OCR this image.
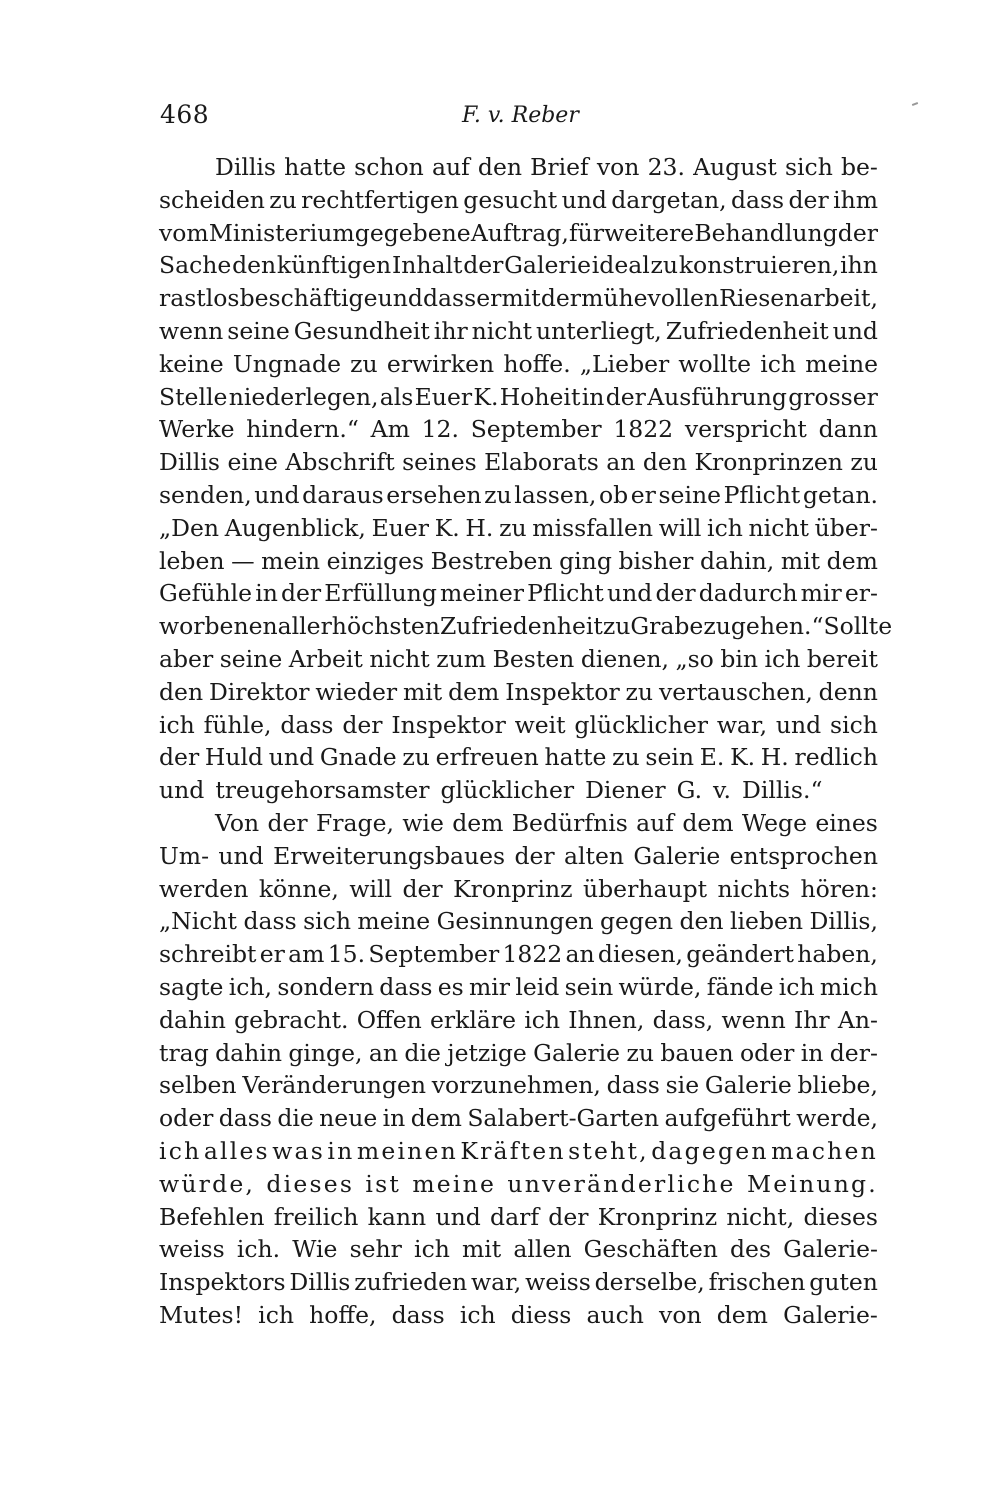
468	F. v. Reber
Dillis hatte schon auf den Brief von 23. August sich be-
scheiden zu rechtfertigen gesucht und dargetan, dass der ihm
vom Ministerium gegebene Auftrag, für weitere Behandlung der
Sache den künftigen Inhalt der Galerie ideal zu konstruieren, ihn
rastlos beschäftige und dass er mit der mühevollen Riesenarbeit,
wenn seine Gesundheit ihr nicht unterliegt, Zufriedenheit und
keine Ungnade zu erwirken hoffe. „Lieber wollte ich meine
Stelle niederlegen, als Euer K. Hoheit in der Ausführung grosser
Werke hindern.“ Am 12. September 1822 verspricht dann
Dillis eine Abschrift seines Elaborats an den Kronprinzen zu
senden, und daraus ersehen zu lassen, ob er seine Pflicht getan.
„Den Augenblick, Euer K. H. zu missfallen will ich nicht über-
leben — mein einziges Bestreben ging bisher dahin, mit dem
Gefühle in der Erfüllung meiner Pflicht und der dadurch mir er-
worbenen allerhöchsten Zufriedenheit zu Grabe zu gehen.“ Sollte
aber seine Arbeit nicht zum Besten dienen, „so bin ich bereit
den Direktor wieder mit dem Inspektor zu vertauschen, denn
ich fühle, dass der Inspektor weit glücklicher war, und sich
der Huld und Gnade zu erfreuen hatte zu sein E. K. H. redlich
und treugehorsamster glücklicher Diener G. v. Dillis.“
Von der Frage, wie dem Bedürfnis auf dem Wege eines
Um- und Erweiterungsbaues der alten Galerie entsprochen
werden könne, will der Kronprinz überhaupt nichts hören:
„Nicht dass sich meine Gesinnungen gegen den lieben Dillis,
schreibt er am 15. September 1822 an diesen, geändert haben,
sagte ich, sondern dass es mir leid sein würde, fände ich mich
dahin gebracht. Offen erkläre ich Ihnen, dass, wenn Ihr An-
trag dahin ginge, an die jetzige Galerie zu bauen oder in der-
selben Veränderungen vorzunehmen, dass sie Galerie bliebe,
oder dass die neue in dem Salabert-Garten aufgeführt werde,
ich alles was in meinen Kräften steht, dagegen machen
würde, dieses ist meine unveränderliche Meinung.
Befehlen freilich kann und darf der Kronprinz nicht, dieses
weiss ich. Wie sehr ich mit allen Geschäften des Galerie-
Inspektors Dillis zufrieden war, weiss derselbe, frischen guten
Mutes! ich hoffe, dass ich diess auch von dem Galerie-
